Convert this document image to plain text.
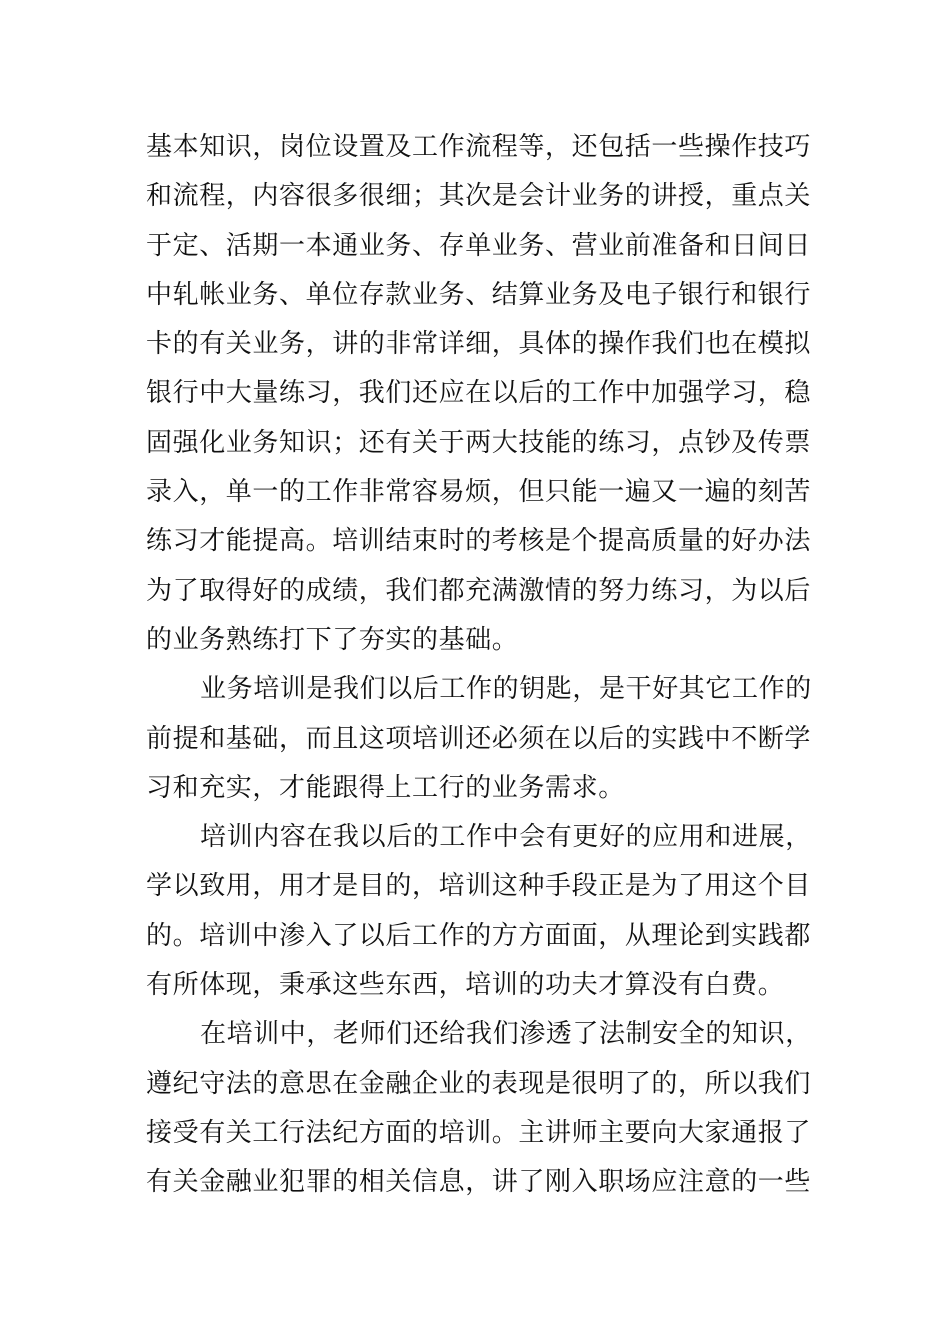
基本知识，岗位设置及工作流程等，还包括一些操作技巧
和流程，内容很多很细；其次是会计业务的讲授，重点关
于定、活期一本通业务、存单业务、营业前准备和日间日
中轧帐业务、单位存款业务、结算业务及电子银行和银行
卡的有关业务，讲的非常详细，具体的操作我们也在模拟
银行中大量练习，我们还应在以后的工作中加强学习，稳
固强化业务知识；还有关于两大技能的练习，点钞及传票
录入，单一的工作非常容易烦，但只能一遍又一遍的刻苦
练习才能提高。培训结束时的考核是个提高质量的好办法
为了取得好的成绩，我们都充满激情的努力练习，为以后
的业务熟练打下了夯实的基础。
业务培训是我们以后工作的钥匙，是干好其它工作的
前提和基础，而且这项培训还必须在以后的实践中不断学
习和充实，才能跟得上工行的业务需求。
培训内容在我以后的工作中会有更好的应用和进展，
学以致用，用才是目的，培训这种手段正是为了用这个目
的。培训中渗入了以后工作的方方面面，从理论到实践都
有所体现，秉承这些东西，培训的功夫才算没有白费。
在培训中，老师们还给我们渗透了法制安全的知识，
遵纪守法的意思在金融企业的表现是很明了的，所以我们
接受有关工行法纪方面的培训。主讲师主要向大家通报了
有关金融业犯罪的相关信息，讲了刚入职场应注意的一些
